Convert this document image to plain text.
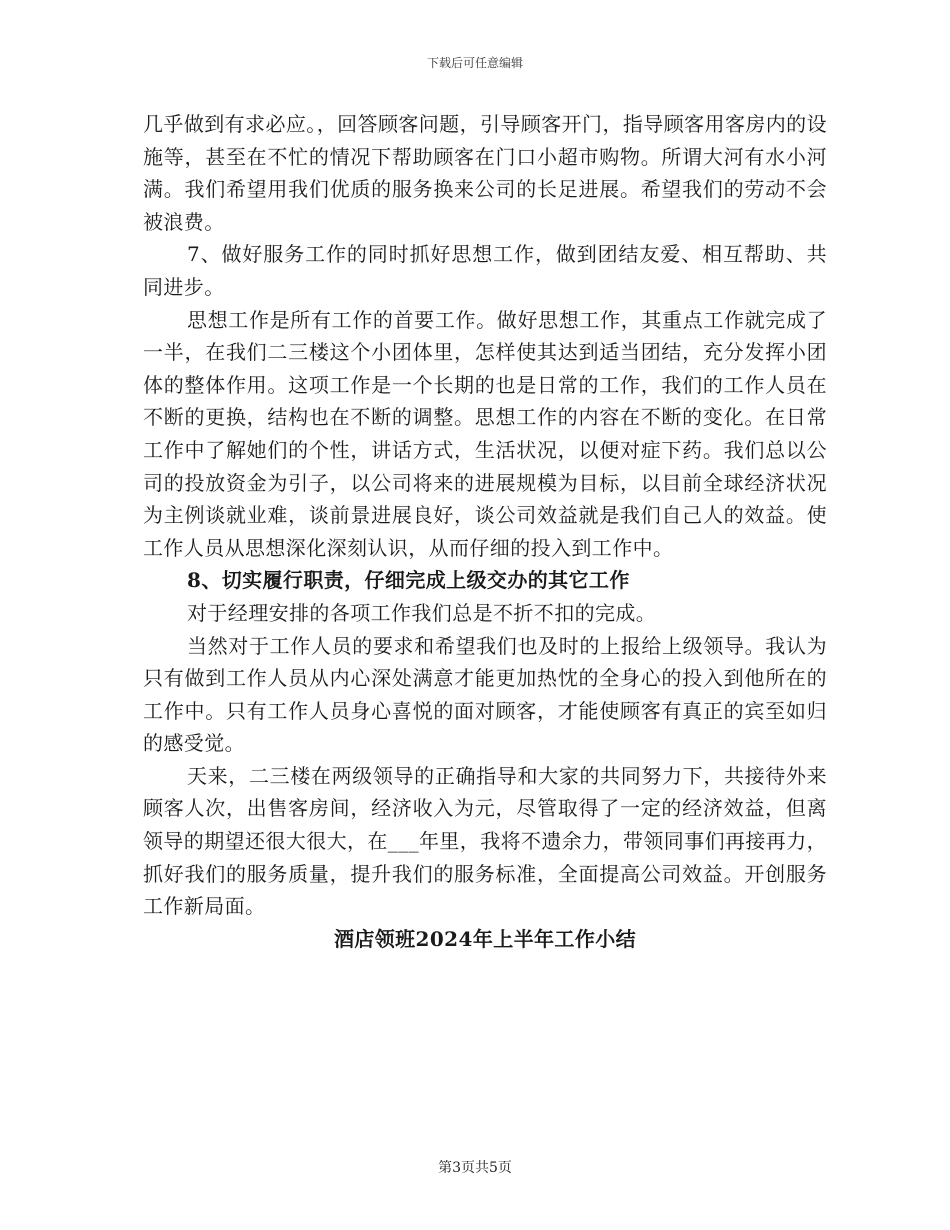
下载后可任意编辑

几乎做到有求必应。，回答顾客问题，引导顾客开门，指导顾客用客房内的设施等，甚至在不忙的情况下帮助顾客在门口小超市购物。所谓大河有水小河满。我们希望用我们优质的服务换来公司的长足进展。希望我们的劳动不会被浪费。

7、做好服务工作的同时抓好思想工作，做到团结友爱、相互帮助、共同进步。

思想工作是所有工作的首要工作。做好思想工作，其重点工作就完成了一半，在我们二三楼这个小团体里，怎样使其达到适当团结，充分发挥小团体的整体作用。这项工作是一个长期的也是日常的工作，我们的工作人员在不断的更换，结构也在不断的调整。思想工作的内容在不断的变化。在日常工作中了解她们的个性，讲话方式，生活状况，以便对症下药。我们总以公司的投放资金为引子，以公司将来的进展规模为目标，以目前全球经济状况为主例谈就业难，谈前景进展良好，谈公司效益就是我们自己人的效益。使工作人员从思想深化深刻认识，从而仔细的投入到工作中。

8、切实履行职责，仔细完成上级交办的其它工作

对于经理安排的各项工作我们总是不折不扣的完成。

当然对于工作人员的要求和希望我们也及时的上报给上级领导。我认为只有做到工作人员从内心深处满意才能更加热忱的全身心的投入到他所在的工作中。只有工作人员身心喜悦的面对顾客，才能使顾客有真正的宾至如归的感受觉。

天来，二三楼在两级领导的正确指导和大家的共同努力下，共接待外来顾客人次，出售客房间，经济收入为元，尽管取得了一定的经济效益，但离领导的期望还很大很大，在___年里，我将不遗余力，带领同事们再接再力，抓好我们的服务质量，提升我们的服务标准，全面提高公司效益。开创服务工作新局面。

酒店领班2024年上半年工作小结

第3页共5页
